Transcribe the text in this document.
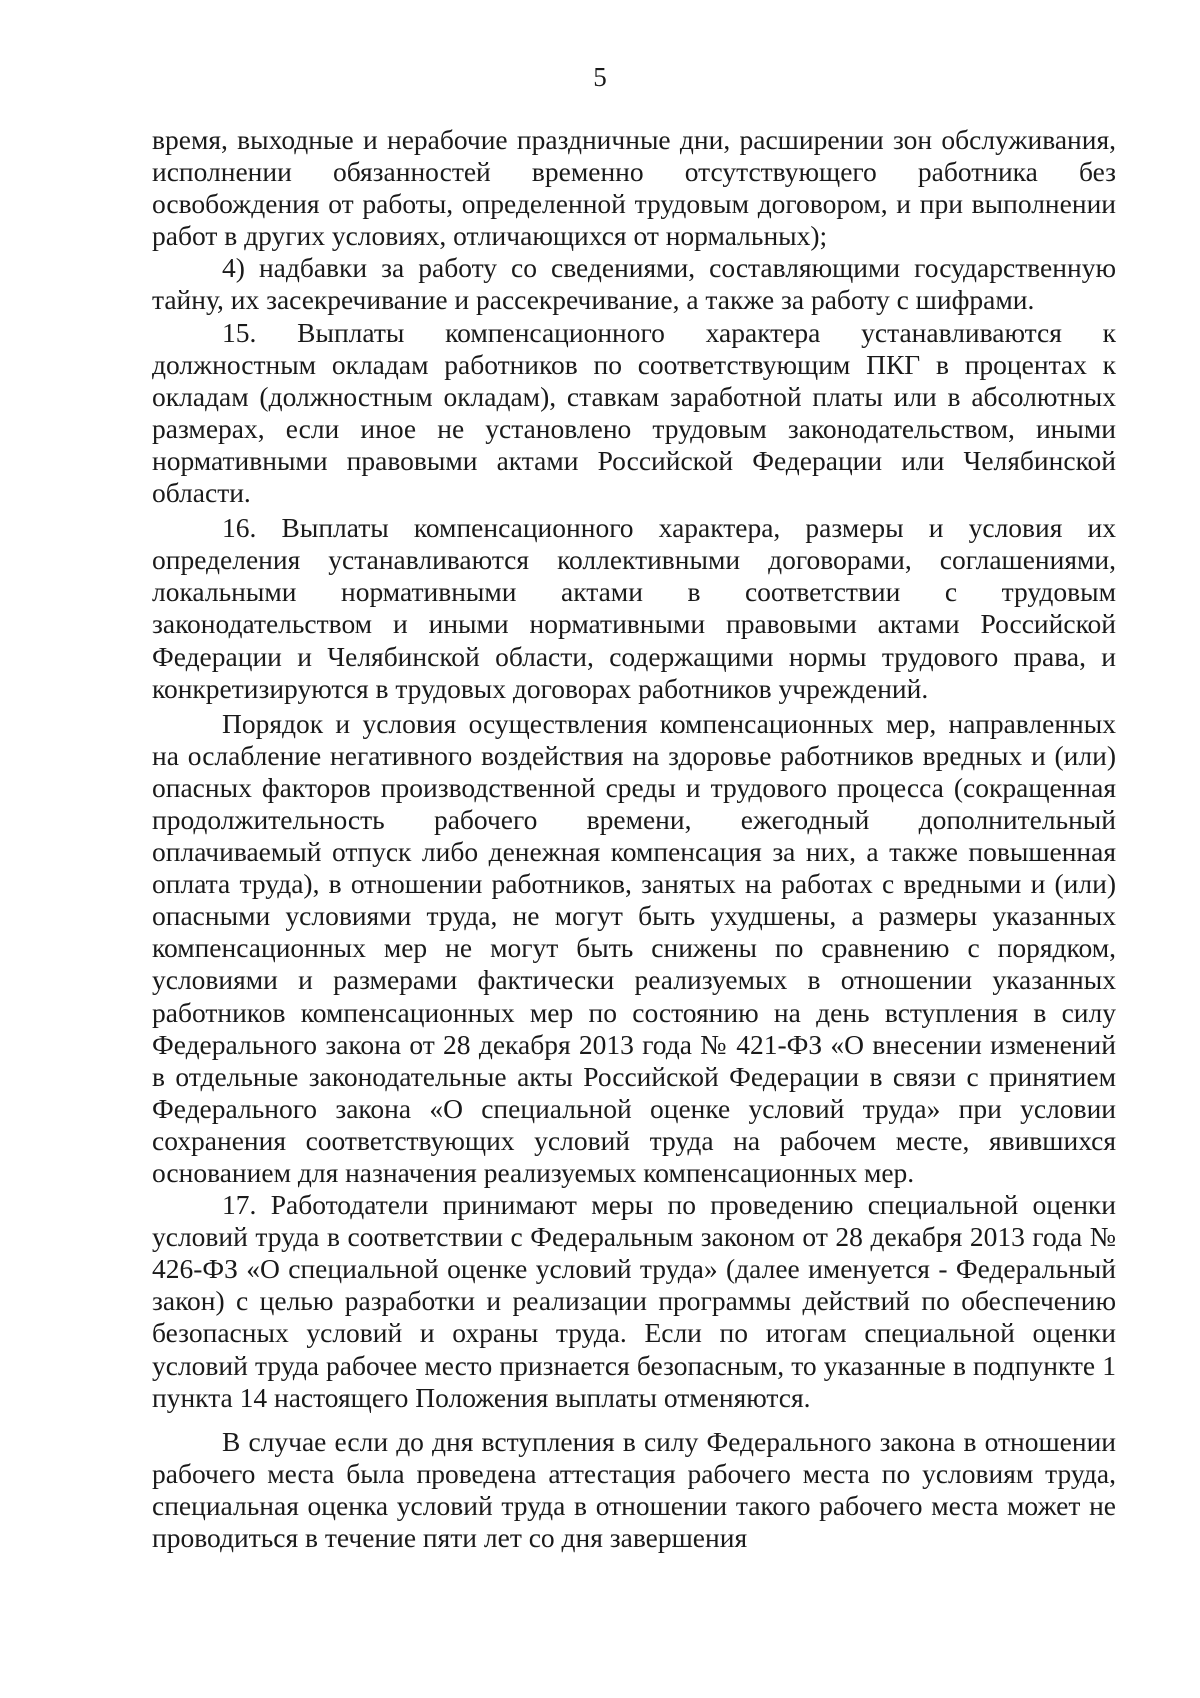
5

время, выходные и нерабочие праздничные дни, расширении зон обслуживания, исполнении обязанностей временно отсутствующего работника без освобождения от работы, определенной трудовым договором, и при выполнении работ в других условиях, отличающихся от нормальных);

4) надбавки за работу со сведениями, составляющими государственную тайну, их засекречивание и рассекречивание, а также за работу с шифрами.

15. Выплаты компенсационного характера устанавливаются к должностным окладам работников по соответствующим ПКГ в процентах к окладам (должностным окладам), ставкам заработной платы или в абсолютных размерах, если иное не установлено трудовым законодательством, иными нормативными правовыми актами Российской Федерации или Челябинской области.

16. Выплаты компенсационного характера, размеры и условия их определения устанавливаются коллективными договорами, соглашениями, локальными нормативными актами в соответствии с трудовым законодательством и иными нормативными правовыми актами Российской Федерации и Челябинской области, содержащими нормы трудового права, и конкретизируются в трудовых договорах работников учреждений.

Порядок и условия осуществления компенсационных мер, направленных на ослабление негативного воздействия на здоровье работников вредных и (или) опасных факторов производственной среды и трудового процесса (сокращенная продолжительность рабочего времени, ежегодный дополнительный оплачиваемый отпуск либо денежная компенсация за них, а также повышенная оплата труда), в отношении работников, занятых на работах с вредными и (или) опасными условиями труда, не могут быть ухудшены, а размеры указанных компенсационных мер не могут быть снижены по сравнению с порядком, условиями и размерами фактически реализуемых в отношении указанных работников компенсационных мер по состоянию на день вступления в силу Федерального закона от 28 декабря 2013 года № 421-ФЗ «О внесении изменений в отдельные законодательные акты Российской Федерации в связи с принятием Федерального закона «О специальной оценке условий труда» при условии сохранения соответствующих условий труда на рабочем месте, явившихся основанием для назначения реализуемых компенсационных мер.

17. Работодатели принимают меры по проведению специальной оценки условий труда в соответствии с Федеральным законом от 28 декабря 2013 года № 426-ФЗ «О специальной оценке условий труда» (далее именуется - Федеральный закон) с целью разработки и реализации программы действий по обеспечению безопасных условий и охраны труда. Если по итогам специальной оценки условий труда рабочее место признается безопасным, то указанные в подпункте 1 пункта 14 настоящего Положения выплаты отменяются.

В случае если до дня вступления в силу Федерального закона в отношении рабочего места была проведена аттестация рабочего места по условиям труда, специальная оценка условий труда в отношении такого рабочего места может не проводиться в течение пяти лет со дня завершения
